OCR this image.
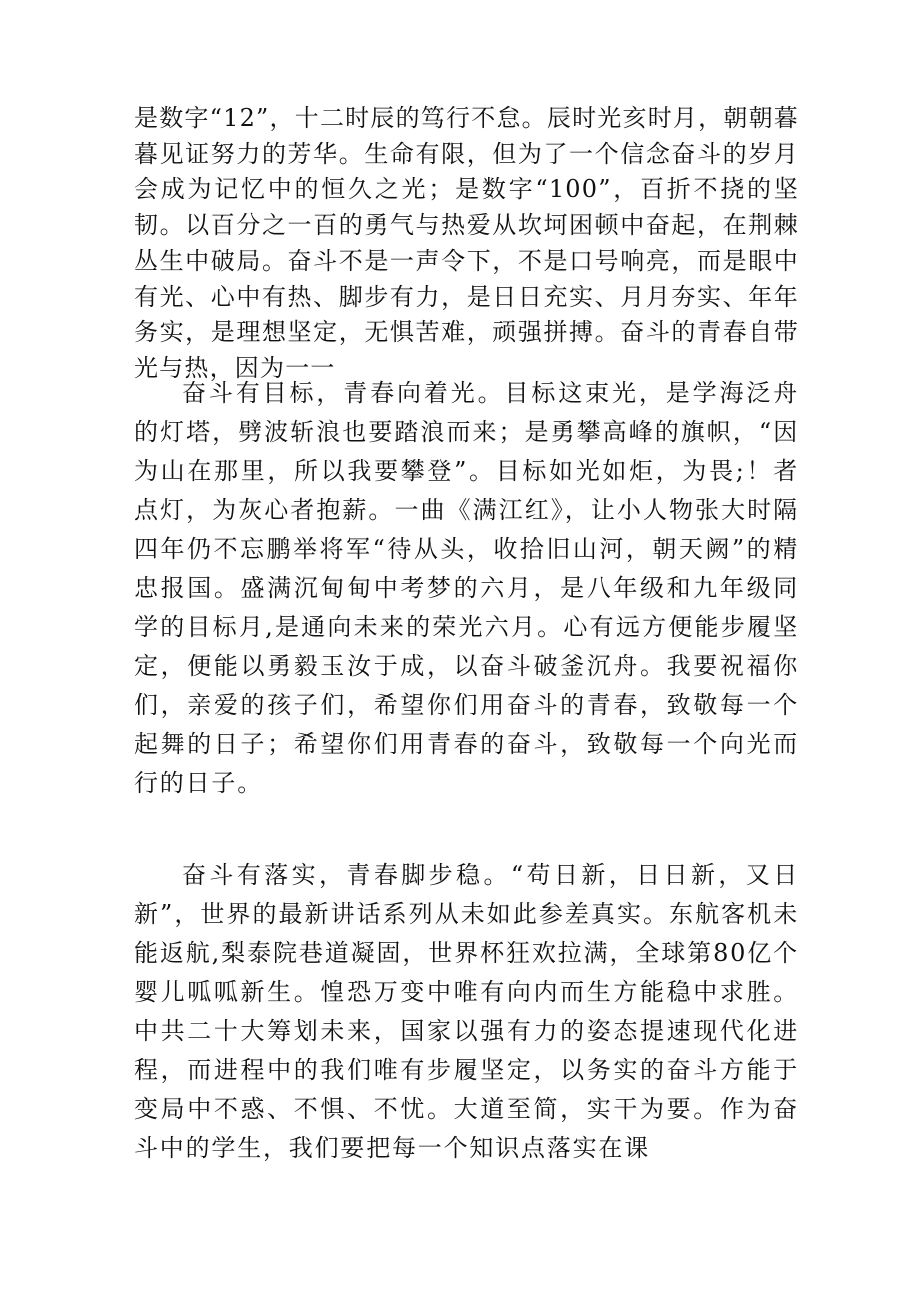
是数字“12”，十二时辰的笃行不怠。辰时光亥时月，朝朝暮暮见证努力的芳华。生命有限，但为了一个信念奋斗的岁月会成为记忆中的恒久之光；是数字“100”，百折不挠的坚韧。以百分之一百的勇气与热爱从坎坷困顿中奋起，在荆棘丛生中破局。奋斗不是一声令下，不是口号响亮，而是眼中有光、心中有热、脚步有力，是日日充实、月月夯实、年年务实，是理想坚定，无惧苦难，顽强拼搏。奋斗的青春自带光与热，因为一一

奋斗有目标，青春向着光。目标这束光，是学海泛舟的灯塔，劈波斩浪也要踏浪而来；是勇攀高峰的旗帜，“因为山在那里，所以我要攀登”。目标如光如炬，为畏;！者点灯，为灰心者抱薪。一曲《满江红》，让小人物张大时隔四年仍不忘鹏举将军“待从头，收拾旧山河，朝天阙”的精忠报国。盛满沉甸甸中考梦的六月，是八年级和九年级同学的目标月,是通向未来的荣光六月。心有远方便能步履坚定，便能以勇毅玉汝于成，以奋斗破釜沉舟。我要祝福你们，亲爱的孩子们，希望你们用奋斗的青春，致敬每一个起舞的日子；希望你们用青春的奋斗，致敬每一个向光而行的日子。

奋斗有落实，青春脚步稳。“苟日新，日日新，又日新”，世界的最新讲话系列从未如此参差真实。东航客机未能返航,梨泰院巷道凝固，世界杯狂欢拉满，全球第80亿个婴儿呱呱新生。惶恐万变中唯有向内而生方能稳中求胜。中共二十大筹划未来，国家以强有力的姿态提速现代化进程，而进程中的我们唯有步履坚定，以务实的奋斗方能于变局中不惑、不惧、不忧。大道至简，实干为要。作为奋斗中的学生，我们要把每一个知识点落实在课
